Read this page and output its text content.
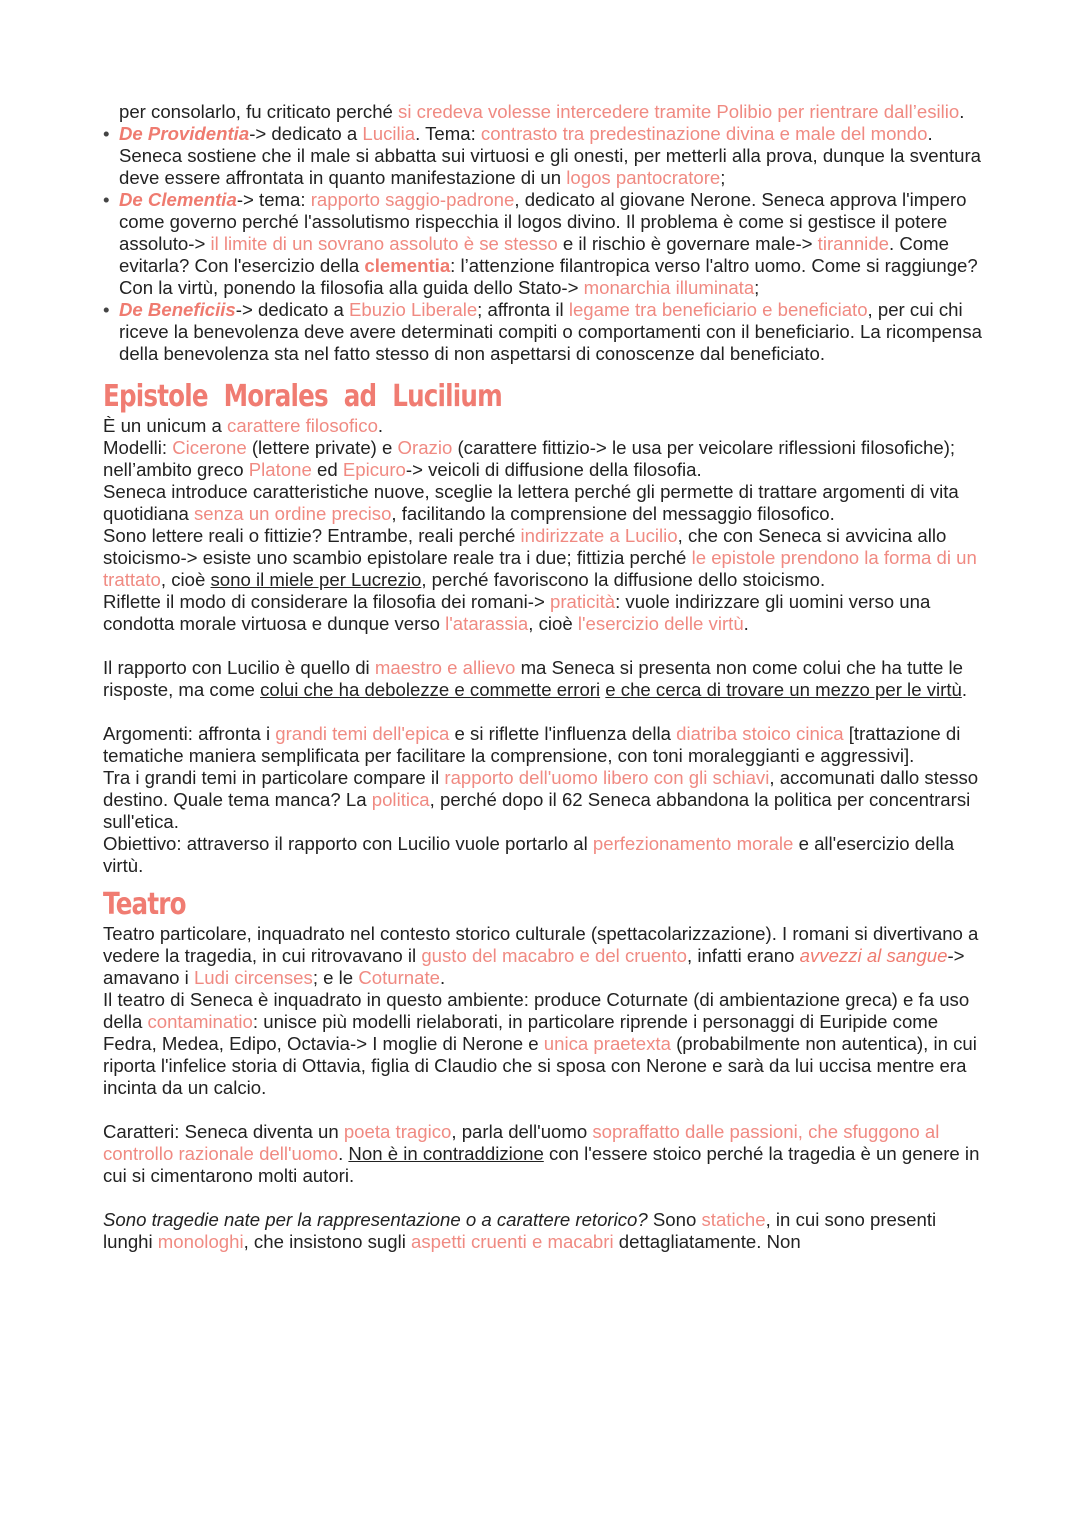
per consolarlo, fu criticato perché si credeva volesse intercedere tramite Polibio per rientrare dall’esilio.

• De Providentia-> dedicato a Lucilia. Tema: contrasto tra predestinazione divina e male del mondo. Seneca sostiene che il male si abbatta sui virtuosi e gli onesti, per metterli alla prova, dunque la sventura deve essere affrontata in quanto manifestazione di un logos pantocratore;
• De Clementia-> tema: rapporto saggio-padrone, dedicato al giovane Nerone. Seneca approva l'impero come governo perché l'assolutismo rispecchia il logos divino. Il problema è come si gestisce il potere assoluto-> il limite di un sovrano assoluto è se stesso e il rischio è governare male-> tirannide. Come evitarla? Con l'esercizio della clementia: l’attenzione filantropica verso l'altro uomo. Come si raggiunge? Con la virtù, ponendo la filosofia alla guida dello Stato-> monarchia illuminata;
• De Beneficiis-> dedicato a Ebuzio Liberale; affronta il legame tra beneficiario e beneficiato, per cui chi riceve la benevolenza deve avere determinati compiti o comportamenti con il beneficiario. La ricompensa della benevolenza sta nel fatto stesso di non aspettarsi di conoscenze dal beneficiato.
Epistole Morales ad Lucilium

È un unicum a carattere filosofico.

Modelli: Cicerone (lettere private) e Orazio (carattere fittizio-> le usa per veicolare riflessioni filosofiche); nell’ambito greco Platone ed Epicuro-> veicoli di diffusione della filosofia.

Seneca introduce caratteristiche nuove, sceglie la lettera perché gli permette di trattare argomenti di vita quotidiana senza un ordine preciso, facilitando la comprensione del messaggio filosofico.

Sono lettere reali o fittizie? Entrambe, reali perché indirizzate a Lucilio, che con Seneca si avvicina allo stoicismo-> esiste uno scambio epistolare reale tra i due; fittizia perché le epistole prendono la forma di un trattato, cioè sono il miele per Lucrezio, perché favoriscono la diffusione dello stoicismo.

Riflette il modo di considerare la filosofia dei romani-> praticità: vuole indirizzare gli uomini verso una condotta morale virtuosa e dunque verso l'atarassia, cioè l'esercizio delle virtù.

Il rapporto con Lucilio è quello di maestro e allievo ma Seneca si presenta non come colui che ha tutte le risposte, ma come colui che ha debolezze e commette errori e che cerca di trovare un mezzo per le virtù.

Argomenti: affronta i grandi temi dell'epica e si riflette l'influenza della diatriba stoico cinica [trattazione di tematiche maniera semplificata per facilitare la comprensione, con toni moraleggianti e aggressivi].

Tra i grandi temi in particolare compare il rapporto dell'uomo libero con gli schiavi, accomunati dallo stesso destino. Quale tema manca? La politica, perché dopo il 62 Seneca abbandona la politica per concentrarsi sull'etica.

Obiettivo: attraverso il rapporto con Lucilio vuole portarlo al perfezionamento morale e all'esercizio della virtù.

Teatro

Teatro particolare, inquadrato nel contesto storico culturale (spettacolarizzazione). I romani si divertivano a vedere la tragedia, in cui ritrovavano il gusto del macabro e del cruento, infatti erano avvezzi al sangue-> amavano i Ludi circenses; e le Coturnate.

Il teatro di Seneca è inquadrato in questo ambiente: produce Coturnate (di ambientazione greca) e fa uso della contaminatio: unisce più modelli rielaborati, in particolare riprende i personaggi di Euripide come Fedra, Medea, Edipo, Octavia-> I moglie di Nerone e unica praetexta (probabilmente non autentica), in cui riporta l'infelice storia di Ottavia, figlia di Claudio che si sposa con Nerone e sarà da lui uccisa mentre era incinta da un calcio.

Caratteri: Seneca diventa un poeta tragico, parla dell'uomo sopraffatto dalle passioni, che sfuggono al controllo razionale dell'uomo. Non è in contraddizione con l'essere stoico perché la tragedia è un genere in cui si cimentarono molti autori.

Sono tragedie nate per la rappresentazione o a carattere retorico? Sono statiche, in cui sono presenti lunghi monologhi, che insistono sugli aspetti cruenti e macabri dettagliatamente. Non
